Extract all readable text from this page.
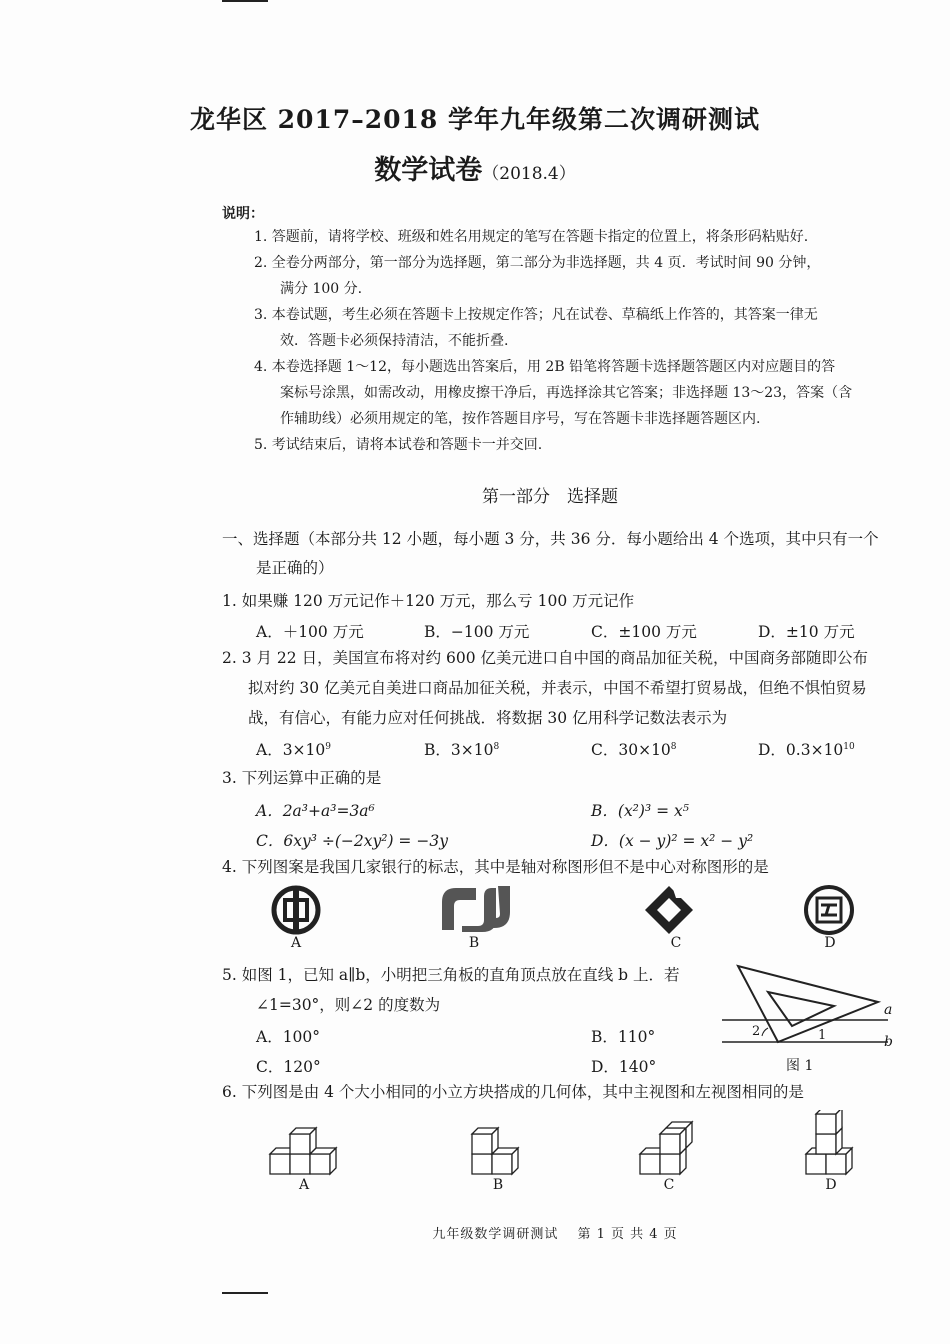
龙华区 2017–2018 学年九年级第二次调研测试
数学试卷（2018.4）
说明：
1. 答题前，请将学校、班级和姓名用规定的笔写在答题卡指定的位置上，将条形码粘贴好.
2. 全卷分两部分，第一部分为选择题，第二部分为非选择题，共 4 页．考试时间 90 分钟，
满分 100 分.
3. 本卷试题，考生必须在答题卡上按规定作答；凡在试卷、草稿纸上作答的，其答案一律无
效．答题卡必须保持清洁，不能折叠.
4. 本卷选择题 1～12，每小题选出答案后，用 2B 铅笔将答题卡选择题答题区内对应题目的答
案标号涂黑，如需改动，用橡皮擦干净后，再选择涂其它答案；非选择题 13～23，答案（含
作辅助线）必须用规定的笔，按作答题目序号，写在答题卡非选择题答题区内.
5. 考试结束后，请将本试卷和答题卡一并交回.
第一部分　选择题
一、选择题（本部分共 12 小题，每小题 3 分，共 36 分．每小题给出 4 个选项，其中只有一个
是正确的）
1. 如果赚 120 万元记作＋120 万元，那么亏 100 万元记作
A．＋100 万元	B．−100 万元	C．±100 万元	D．±10 万元
2. 3 月 22 日，美国宣布将对约 600 亿美元进口自中国的商品加征关税，中国商务部随即公布
拟对约 30 亿美元自美进口商品加征关税，并表示，中国不希望打贸易战，但绝不惧怕贸易
战，有信心，有能力应对任何挑战．将数据 30 亿用科学记数法表示为
A．$3\times 10^9$	B．$3\times 10^8$	C．$30\times 10^8$	D．$0.3\times 10^{10}$
3. 下列运算中正确的是
A．2a³+a³=3a⁶	B．(x²)³ = x⁵
C．6xy³ ÷(−2xy²) = −3y	D．(x − y)² = x² − y²
4. 下列图案是我国几家银行的标志，其中是轴对称图形但不是中心对称图形的是
A	B	C	D
5. 如图 1，已知 a∥b，小明把三角板的直角顶点放在直线 b 上．若
∠1=30°，则∠2 的度数为
A．100°	B．110°
C．120°	D．140°
a
b
1
2
图 1
6. 下列图是由 4 个大小相同的小立方块搭成的几何体，其中主视图和左视图相同的是
A	B	C	D
九年级数学调研测试　 第 1 页 共 4 页
